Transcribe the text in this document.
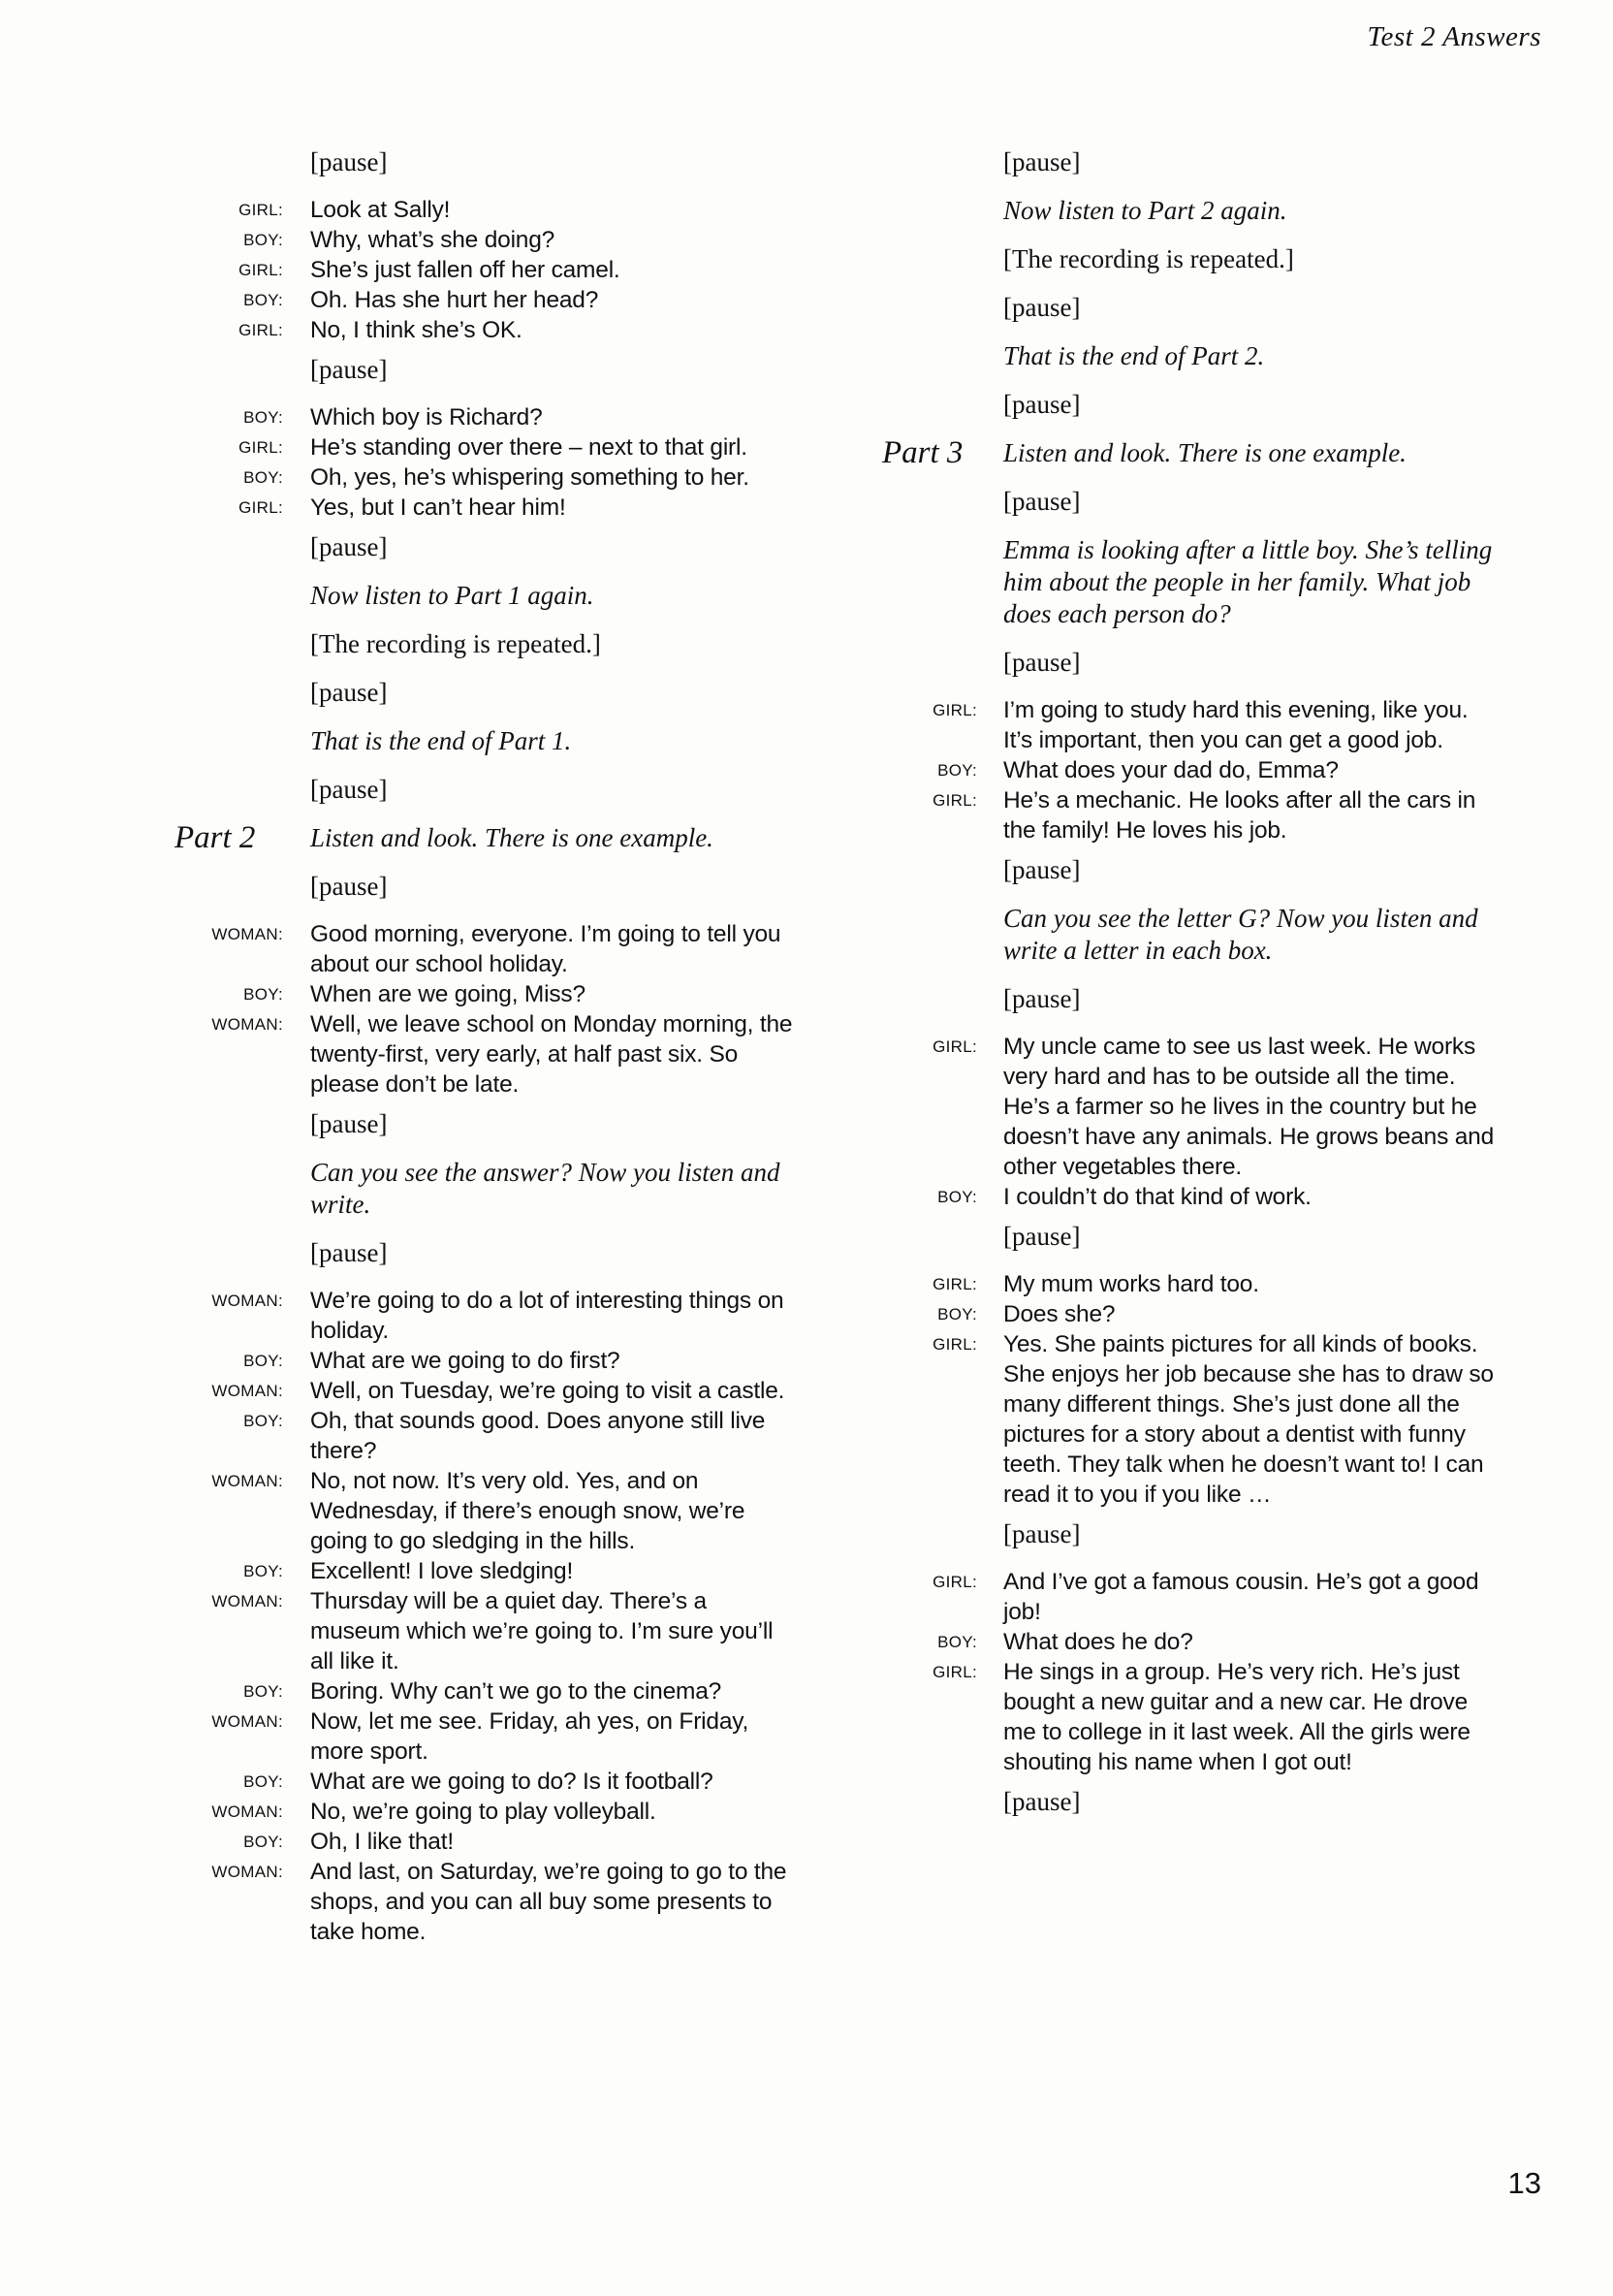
Test 2 Answers
[pause]
GIRL: Look at Sally!
BOY: Why, what’s she doing?
GIRL: She’s just fallen off her camel.
BOY: Oh. Has she hurt her head?
GIRL: No, I think she’s OK.
[pause]
BOY: Which boy is Richard?
GIRL: He’s standing over there – next to that girl.
BOY: Oh, yes, he’s whispering something to her.
GIRL: Yes, but I can’t hear him!
[pause]
Now listen to Part 1 again.
[The recording is repeated.]
[pause]
That is the end of Part 1.
[pause]
Part 2 Listen and look. There is one example.
[pause]
WOMAN: Good morning, everyone. I’m going to tell you about our school holiday.
BOY: When are we going, Miss?
WOMAN: Well, we leave school on Monday morning, the twenty-first, very early, at half past six. So please don’t be late.
[pause]
Can you see the answer? Now you listen and write.
[pause]
WOMAN: We’re going to do a lot of interesting things on holiday.
BOY: What are we going to do first?
WOMAN: Well, on Tuesday, we’re going to visit a castle.
BOY: Oh, that sounds good. Does anyone still live there?
WOMAN: No, not now. It’s very old. Yes, and on Wednesday, if there’s enough snow, we’re going to go sledging in the hills.
BOY: Excellent! I love sledging!
WOMAN: Thursday will be a quiet day. There’s a museum which we’re going to. I’m sure you’ll all like it.
BOY: Boring. Why can’t we go to the cinema?
WOMAN: Now, let me see. Friday, ah yes, on Friday, more sport.
BOY: What are we going to do? Is it football?
WOMAN: No, we’re going to play volleyball.
BOY: Oh, I like that!
WOMAN: And last, on Saturday, we’re going to go to the shops, and you can all buy some presents to take home.
[pause]
Now listen to Part 2 again.
[The recording is repeated.]
[pause]
That is the end of Part 2.
[pause]
Part 3 Listen and look. There is one example.
[pause]
Emma is looking after a little boy. She’s telling him about the people in her family. What job does each person do?
[pause]
GIRL: I’m going to study hard this evening, like you. It’s important, then you can get a good job.
BOY: What does your dad do, Emma?
GIRL: He’s a mechanic. He looks after all the cars in the family! He loves his job.
[pause]
Can you see the letter G? Now you listen and write a letter in each box.
[pause]
GIRL: My uncle came to see us last week. He works very hard and has to be outside all the time. He’s a farmer so he lives in the country but he doesn’t have any animals. He grows beans and other vegetables there.
BOY: I couldn’t do that kind of work.
[pause]
GIRL: My mum works hard too.
BOY: Does she?
GIRL: Yes. She paints pictures for all kinds of books. She enjoys her job because she has to draw so many different things. She’s just done all the pictures for a story about a dentist with funny teeth. They talk when he doesn’t want to! I can read it to you if you like …
[pause]
GIRL: And I’ve got a famous cousin. He’s got a good job!
BOY: What does he do?
GIRL: He sings in a group. He’s very rich. He’s just bought a new guitar and a new car. He drove me to college in it last week. All the girls were shouting his name when I got out!
[pause]
13
